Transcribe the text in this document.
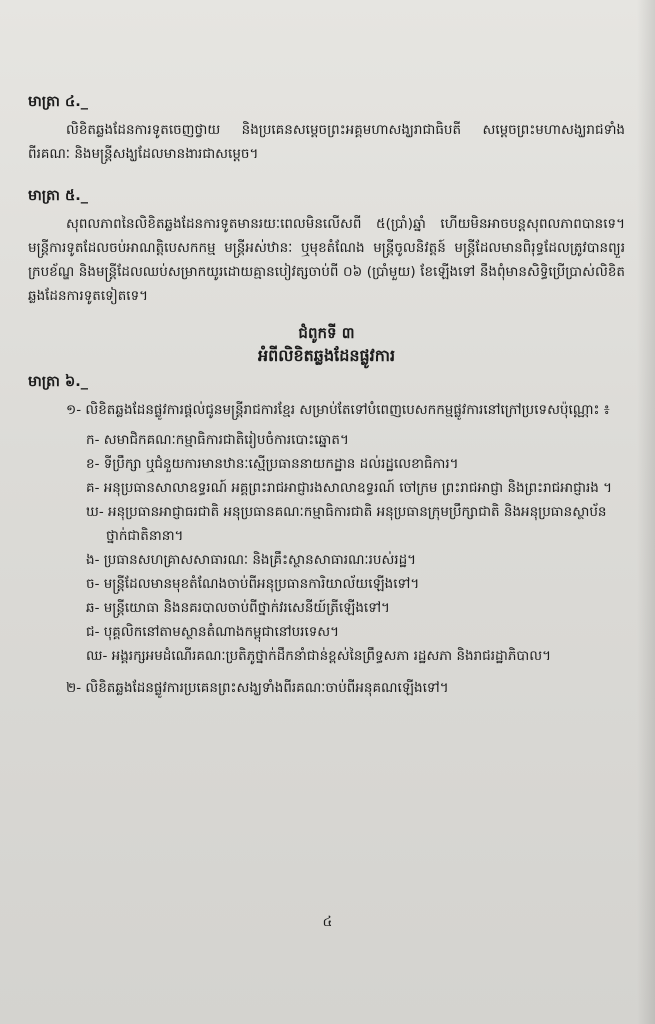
មាត្រា ៤._

លិខិតឆ្លងដែនការទូតចេញថ្វាយ និងប្រគេនសម្តេចព្រះអគ្គមហាសង្ឃរាជាធិបតី សម្តេចព្រះមហាសង្ឃរាជទាំងពីរគណៈ និងមន្ត្រីសង្ឃដែលមានងារជាសម្តេច។

មាត្រា ៥._

សុពលភាពនៃលិខិតឆ្លងដែនការទូតមានរយៈពេលមិនលើសពី ៥(ប្រាំ)ឆ្នាំ ហើយមិនអាចបន្តសុពលភាពបានទេ។ មន្ត្រីការទូតដែលចប់អាណត្តិបេសកកម្ម មន្ត្រីអស់ឋានៈ ឬមុខតំណែង មន្ត្រីចូលនិវត្តន៍ មន្ត្រីដែលមានពិរុទ្ធដែលត្រូវបានព្យួរក្របខ័ណ្ឌ និងមន្ត្រីដែលឈប់សម្រាកយូរដោយគ្មានបៀវត្សចាប់ពី ០៦ (ប្រាំមួយ) ខែឡើងទៅ នឹងពុំមានសិទ្ធិប្រើប្រាស់លិខិតឆ្លងដែនការទូតទៀតទេ។

ជំពូកទី ៣
អំពីលិខិតឆ្លងដែនផ្លូវការ
មាត្រា ៦._

១- លិខិតឆ្លងដែនផ្លូវការផ្តល់ជូនមន្ត្រីរាជការខ្មែរ សម្រាប់តែទៅបំពេញបេសកកម្មផ្លូវការនៅក្រៅប្រទេសប៉ុណ្ណោះ ៖

ក- សមាជិកគណៈកម្មាធិការជាតិរៀបចំការបោះឆ្នោត។
ខ- ទីប្រឹក្សា ឬជំនួយការមានឋានៈស្មើប្រធាននាយកដ្ឋាន ដល់រដ្ឋលេខាធិការ។
គ- អនុប្រធានសាលាឧទ្ធរណ៍ អគ្គព្រះរាជអាជ្ញារងសាលាឧទ្ធរណ៍ ចៅក្រម ព្រះរាជអាជ្ញា និងព្រះរាជអាជ្ញារង ។
ឃ- អនុប្រធានអាជ្ញាធរជាតិ អនុប្រធានគណៈកម្មាធិការជាតិ អនុប្រធានក្រុមប្រឹក្សាជាតិ និងអនុប្រធានស្ថាប័នថ្នាក់ជាតិនានា។
ង- ប្រធានសហគ្រាសសាធារណៈ និងគ្រឹះស្ថានសាធារណៈរបស់រដ្ឋ។
ច- មន្ត្រីដែលមានមុខតំណែងចាប់ពីអនុប្រធានការិយាល័យឡើងទៅ។
ឆ- មន្ត្រីយោធា និងនគរបាលចាប់ពីថ្នាក់វរសេនីយ៍ត្រីឡើងទៅ។
ជ- បុគ្គលិកនៅតាមស្ថានតំណាងកម្ពុជានៅបរទេស។
ឈ- អង្គរក្សអមដំណើរគណៈប្រតិភូថ្នាក់ដឹកនាំជាន់ខ្ពស់នៃព្រឹទ្ធសភា រដ្ឋសភា និងរាជរដ្ឋាភិបាល។

២- លិខិតឆ្លងដែនផ្លូវការប្រគេនព្រះសង្ឃទាំងពីរគណៈចាប់ពីអនុគណឡើងទៅ។

៤
